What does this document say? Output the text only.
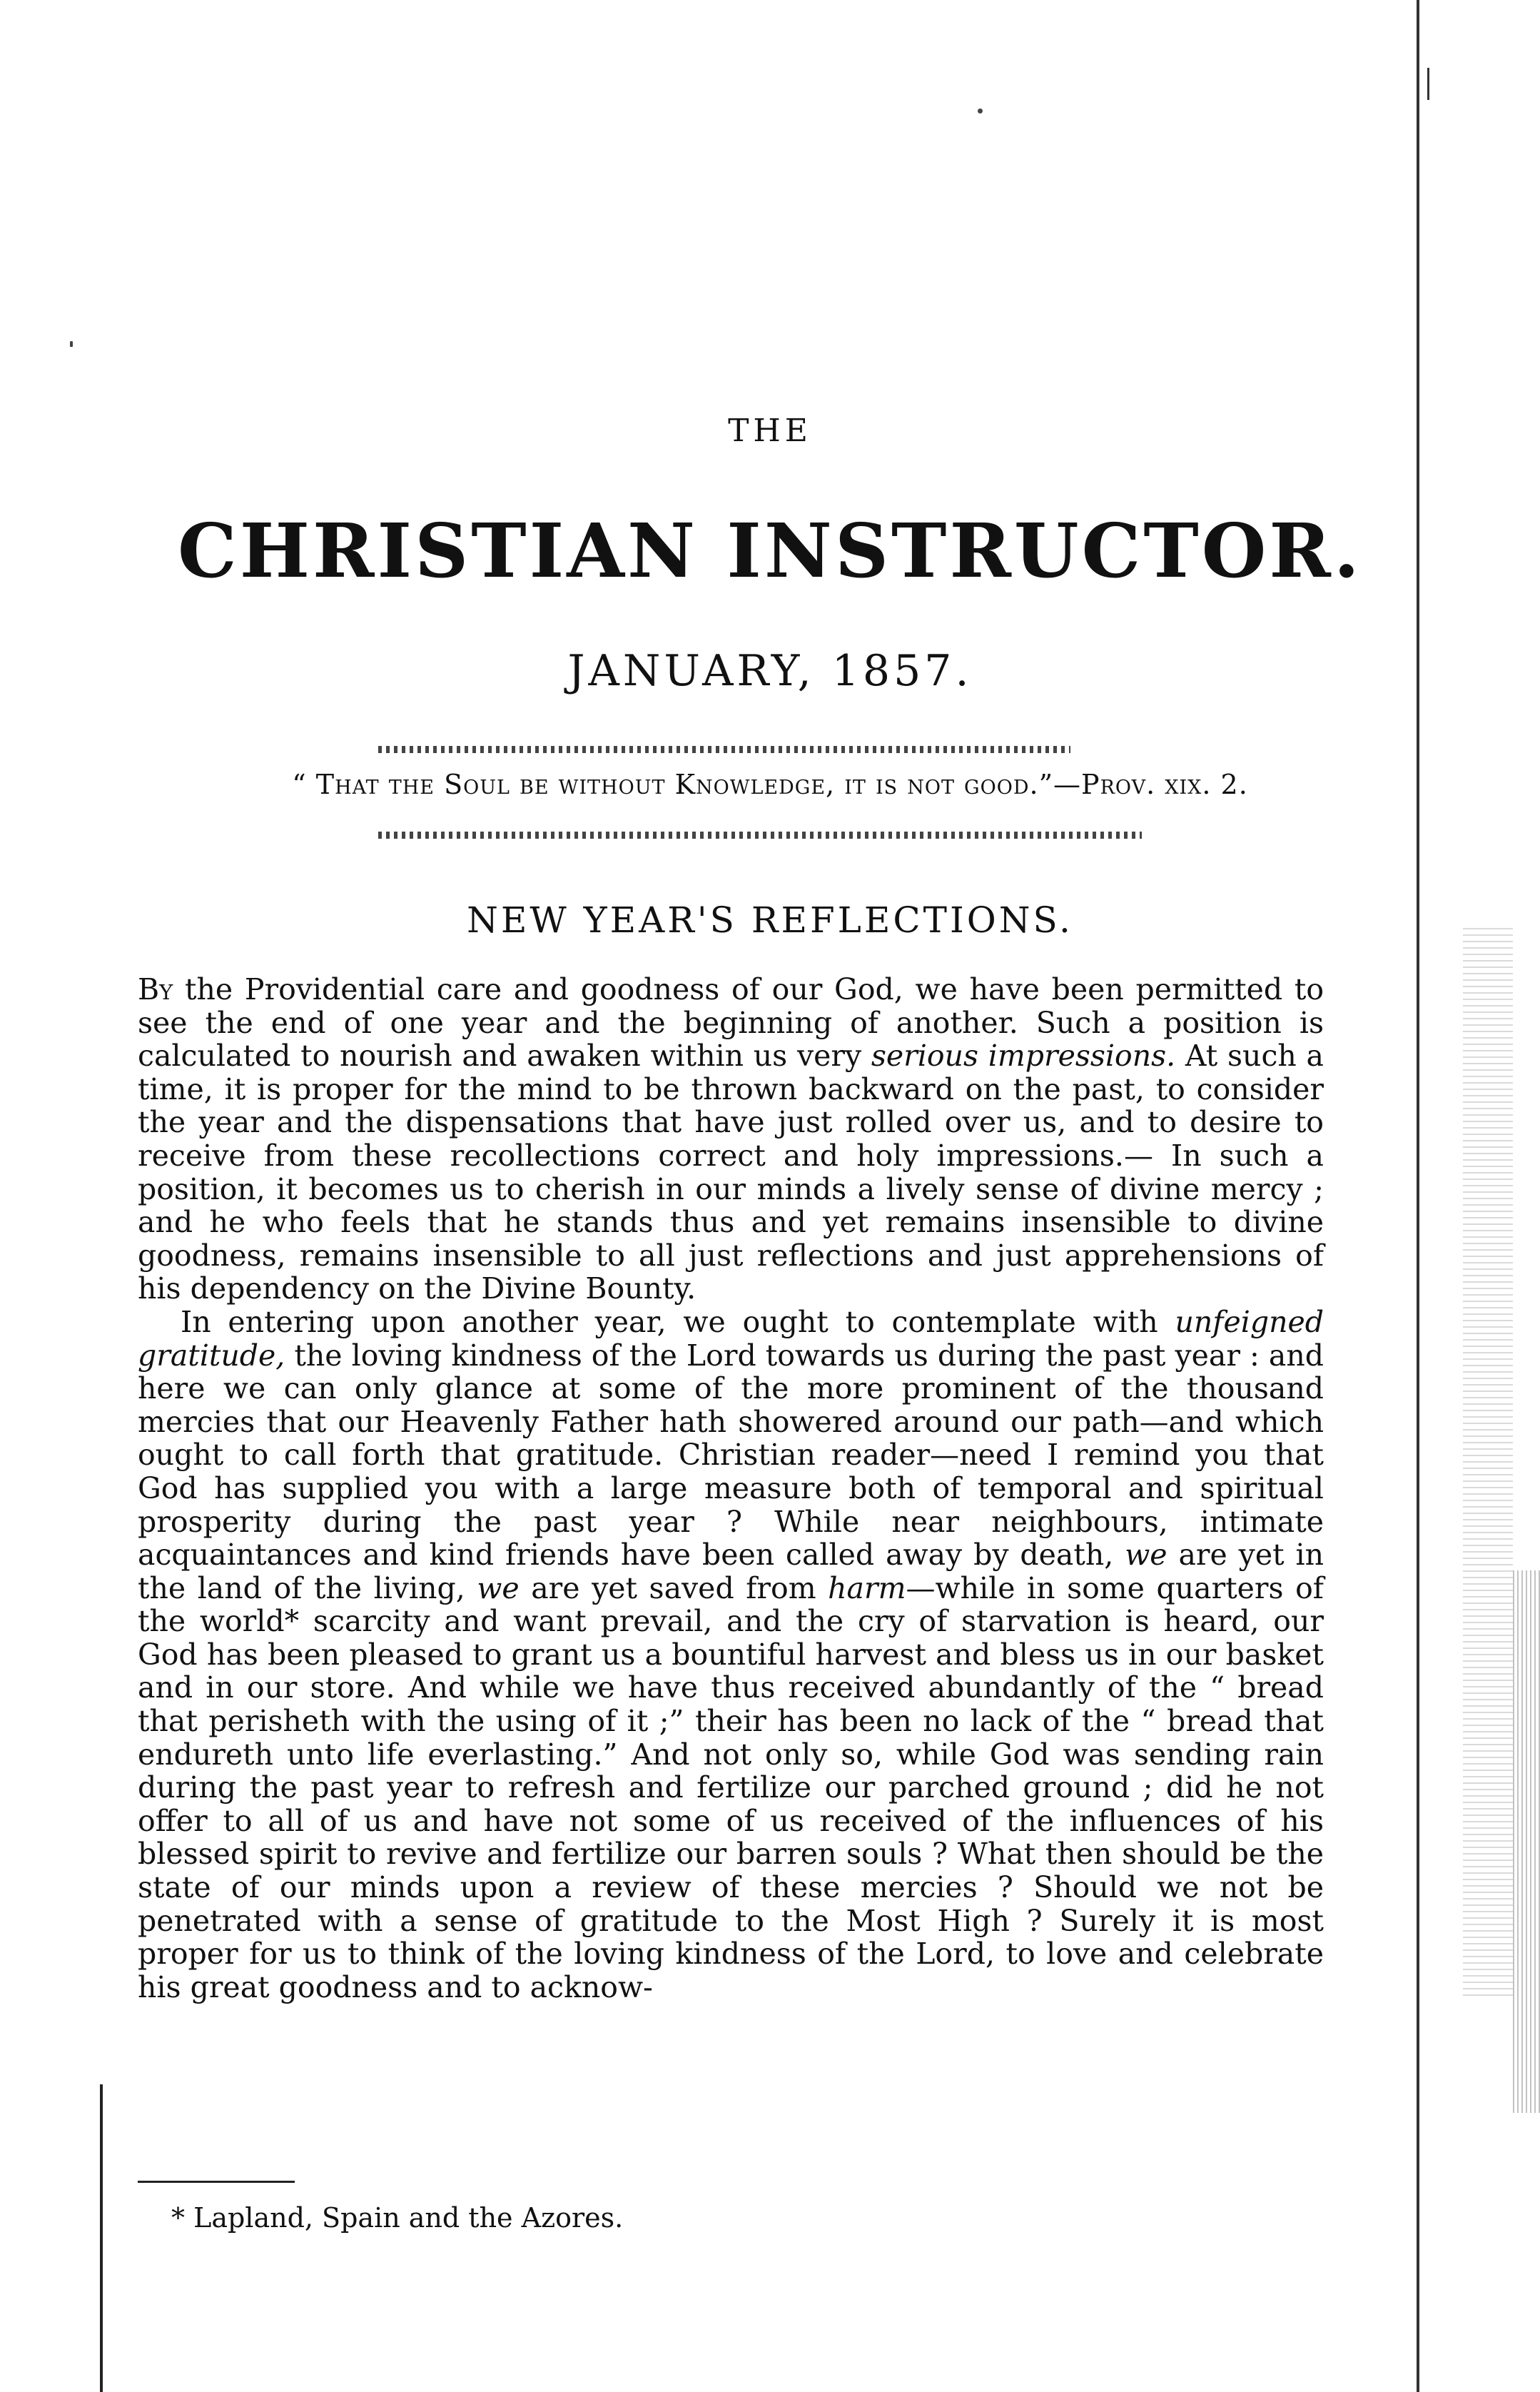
THE
CHRISTIAN INSTRUCTOR.
JANUARY, 1857.
“ That the Soul be without Knowledge, it is not good.”—Prov. xix. 2.
NEW YEAR'S REFLECTIONS.

By the Providential care and goodness of our God, we have been permitted to see the end of one year and the beginning of another. Such a position is calculated to nourish and awaken within us very serious impressions. At such a time, it is proper for the mind to be thrown backward on the past, to consider the year and the dispensations that have just rolled over us, and to desire to receive from these recollections correct and holy impressions.— In such a position, it becomes us to cherish in our minds a lively sense of divine mercy ; and he who feels that he stands thus and yet remains insensible to divine goodness, remains insensible to all just reflections and just apprehensions of his dependency on the Divine Bounty.

In entering upon another year, we ought to contemplate with unfeigned gratitude, the loving kindness of the Lord towards us during the past year : and here we can only glance at some of the more prominent of the thousand mercies that our Heavenly Father hath showered around our path—and which ought to call forth that gratitude. Christian reader—need I remind you that God has supplied you with a large measure both of temporal and spiritual prosperity during the past year ? While near neighbours, intimate acquaintances and kind friends have been called away by death, we are yet in the land of the living, we are yet saved from harm—while in some quarters of the world* scarcity and want prevail, and the cry of starvation is heard, our God has been pleased to grant us a bountiful harvest and bless us in our basket and in our store. And while we have thus received abundantly of the “ bread that perisheth with the using of it ;” their has been no lack of the “ bread that endureth unto life everlasting.” And not only so, while God was sending rain during the past year to refresh and fertilize our parched ground ; did he not offer to all of us and have not some of us received of the influences of his blessed spirit to revive and fertilize our barren souls ? What then should be the state of our minds upon a review of these mercies ? Should we not be penetrated with a sense of gratitude to the Most High ? Surely it is most proper for us to think of the loving kindness of the Lord, to love and celebrate his great goodness and to acknow-

* Lapland, Spain and the Azores.
